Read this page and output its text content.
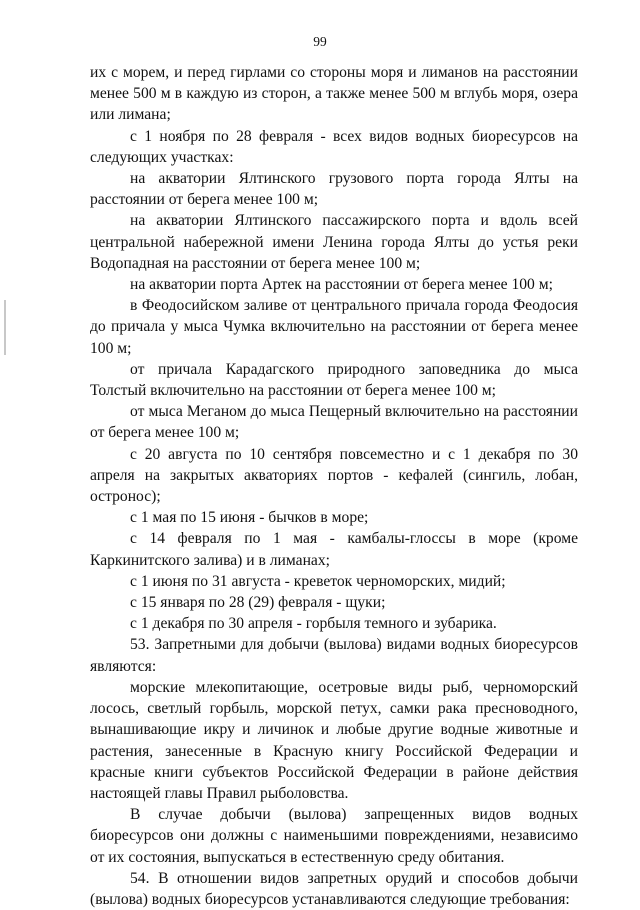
99

их с морем, и перед гирлами со стороны моря и лиманов на расстоянии менее 500 м в каждую из сторон, а также менее 500 м вглубь моря, озера или лимана;

с 1 ноября по 28 февраля - всех видов водных биоресурсов на следующих участках:

на акватории Ялтинского грузового порта города Ялты на расстоянии от берега менее 100 м;

на акватории Ялтинского пассажирского порта и вдоль всей центральной набережной имени Ленина города Ялты до устья реки Водопадная на расстоянии от берега менее 100 м;

на акватории порта Артек на расстоянии от берега менее 100 м;

в Феодосийском заливе от центрального причала города Феодосия до причала у мыса Чумка включительно на расстоянии от берега менее 100 м;

от причала Карадагского природного заповедника до мыса Толстый включительно на расстоянии от берега менее 100 м;

от мыса Меганом до мыса Пещерный включительно на расстоянии от берега менее 100 м;

с 20 августа по 10 сентября повсеместно и с 1 декабря по 30 апреля на закрытых акваториях портов - кефалей (сингиль, лобан, остронос);

с 1 мая по 15 июня - бычков в море;

с 14 февраля по 1 мая - камбалы-глоссы в море (кроме Каркинитского залива) и в лиманах;

с 1 июня по 31 августа - креветок черноморских, мидий;

с 15 января по 28 (29) февраля - щуки;

с 1 декабря по 30 апреля - горбыля темного и зубарика.

53. Запретными для добычи (вылова) видами водных биоресурсов являются:

морские млекопитающие, осетровые виды рыб, черноморский лосось, светлый горбыль, морской петух, самки рака пресноводного, вынашивающие икру и личинок и любые другие водные животные и растения, занесенные в Красную книгу Российской Федерации и красные книги субъектов Российской Федерации в районе действия настоящей главы Правил рыболовства.

В случае добычи (вылова) запрещенных видов водных биоресурсов они должны с наименьшими повреждениями, независимо от их состояния, выпускаться в естественную среду обитания.

54. В отношении видов запретных орудий и способов добычи (вылова) водных биоресурсов устанавливаются следующие требования:
